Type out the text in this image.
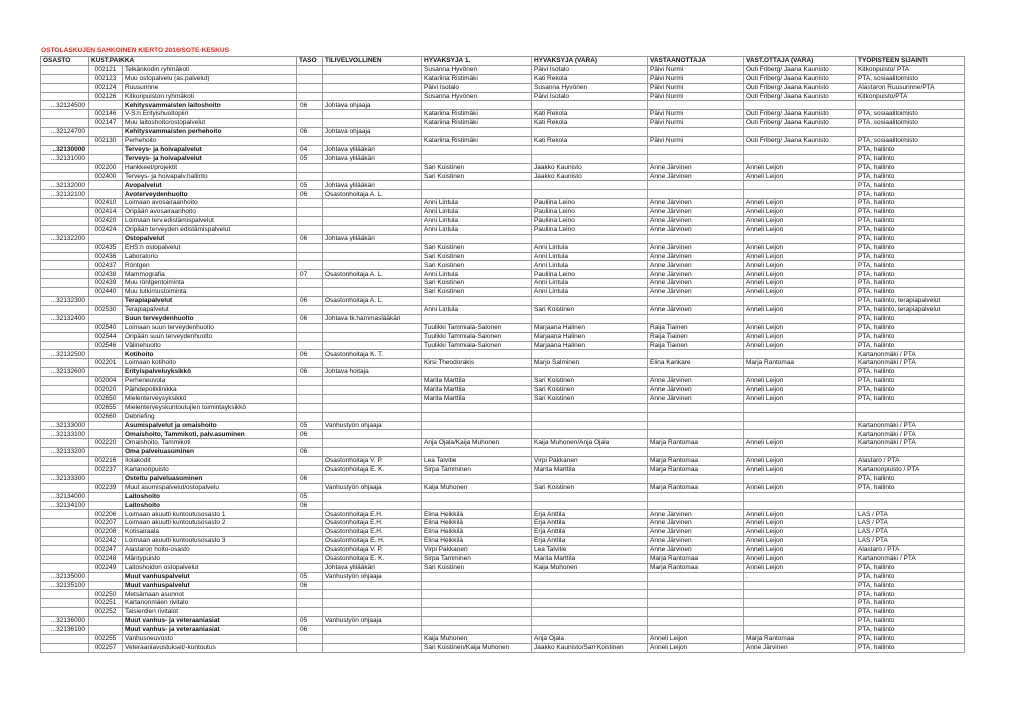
OSTOLASKUJEN SAHKOINEN KIERTO 2016/SOTE-KESKUS
OSASTO	KUST.PAIKKA		TASO	TILIVELVOLLINEN	HYVAKSYJA 1.	HYVAKSYJA (VARA)	VASTAANOTTAJA	VAST.OTTAJA (VARA)	TYÖPISTEEN SIJAINTI
	002121	Telkänkodin ryhmäkoti			Susanna Hyvönen	Päivi Isotalo	Päivi Nurmi	Outi Friberg/ Jaana Kaunisto	Kitkonpuisto/ PTA
	002123	Muu ostopalvelu (as.palvelut)			Katariina Ristimäki	Kati Rekola	Päivi Nurmi	Outi Friberg/ Jaana Kaunisto	PTA, sosiaalitoimisto
	002124	Ruusurinne			Päivi Isotalo	Susanna Hyvönen	Päivi Nurmi	Outi Friberg/ Jaana Kaunisto	Alastaron Ruusurinne/PTA
	002126	Kitkonpuiston ryhmäkoti			Susanna Hyvönen	Päivi Isotalo	Päivi Nurmi	Outi Friberg/ Jaana Kaunisto	Kitkonpuisto/PTA
...32124500		Kehitysvammaisten laitoshoito	06	Johtava ohjaaja					
	002146	V-S:n Erityishuoltopiiri			Katariina Ristimäki	Kati Rekola	Päivi Nurmi	Outi Friberg/ Jaana Kaunisto	PTA, sosiaalitoimisto
	002147	Muu laitoshoito/ostopalvelut			Katariina Ristimäki	Kati Rekola	Päivi Nurmi	Outi Friberg/ Jaana Kaunisto	PTA, sosiaalitoimisto
...32124700		Kehitysvammaisten perhehoito	06	Johtava ohjaaja					
	002130	Perhehoito			Katariina Ristimäki	Kati Rekola	Päivi Nurmi	Outi Friberg/ Jaana Kaunisto	PTA, sosiaalitoimisto
..32130000		Terveys- ja hoivapalvelut	04	Johtava ylilääkäri					PTA, hallinto
...32131000		Terveys- ja hoivapalvelut	05	Johtava ylilääkäri					PTA, hallinto
	002200	Hankkeet/projektit			Sari Koistinen	Jaakko Kaunisto	Anne Järvinen	Anneli Leijon	PTA, hallinto
	002400	Terveys- ja hoivapalv.hallinto			Sari Koistinen	Jaakko Kaunisto	Anne Järvinen	Anneli Leijon	PTA, hallinto
...32132000		Avopalvelut	05	Johtava ylilääkäri					PTA, hallinto
...32132100		Avoterveydenhuolto	06	Osastonhoitaja A. L.					PTA, hallinto
	002410	Loimaan avosairaanhoito			Anni Lintula	Pauliina Leino	Anne Järvinen	Anneli Leijon	PTA, hallinto
	002414	Oripään avosairaanhoito			Anni Lintula	Pauliina Leino	Anne Järvinen	Anneli Leijon	PTA, hallinto
	002420	Loimaan terv.edistämispalvelut			Anni Lintula	Pauliina Leino	Anne Järvinen	Anneli Leijon	PTA, hallinto
	002424	Oripään terveyden edistämispalvelut			Anni Lintula	Pauliina Leino	Anne Järvinen	Anneli Leijon	PTA, hallinto
...32132200		Ostopalvelut	06	Johtava ylilääkäri					PTA, hallinto
	002435	EHS:n ostopalvelut			Sari Koistinen	Anni Lintula	Anne Järvinen	Anneli Leijon	PTA, hallinto
	002436	Laboratorio			Sari Koistinen	Anni Lintula	Anne Järvinen	Anneli Leijon	PTA, hallinto
	002437	Röntgen			Sari Koistinen	Anni Lintula	Anne Järvinen	Anneli Leijon	PTA, hallinto
	002438	Mammografia	07	Osastonhoitaja A. L.	Anni Lintula	Pauliina Leino	Anne Järvinen	Anneli Leijon	PTA, hallinto
	002439	Muu röntgentoiminta			Sari Koistinen	Anni Lintula	Anne Järvinen	Anneli Leijon	PTA, hallinto
	002440	Muu tutkimustoiminta			Sari Koistinen	Anni Lintula	Anne Järvinen	Anneli Leijon	PTA, hallinto
...32132300		Terapiapalvelut	06	Osastonhoitaja A. L.					PTA, hallinto, terapiapalvelut
	002530	Terapiapalvelut			Anni Lintula	Sari Koistinen	Anne Järvinen	Anneli Leijon	PTA, hallinto, terapiapalvelut
...32132400		Suun terveydenhuolto	06	Johtava tk.hammaslääkäri					PTA, hallinto
	002540	Loimaan suun terveydenhuolto			Tuulikki Tammiala-Salonen	Marjaana Halinen	Raija Tiainen	Anneli Leijon	PTA, hallinto
	002544	Oripään suun terveydenhuolto			Tuulikki Tammiala-Salonen	Marjaana Halinen	Raija Tiainen	Anneli Leijon	PTA, hallinto
	002546	Välinehuolto			Tuulikki Tammiala-Salonen	Marjaana Halinen	Raija Tiainen	Anneli Leijon	PTA, hallinto
...32132500		Kotihoito	06	Osastonhoitaja K. T.					Kartanonmäki / PTA
	002201	Loimaan kotihoito			Kirsi Theodorakis	Marjo Salminen	Elina Kankare	Marja Rantomaa	Kartanonmäki / PTA
...32132600		Erityispalveluyksikkö	06	Johtava hoitaja					PTA, hallinto
	002004	Perheneuvola			Marita Marttila	Sari Koistinen	Anne Järvinen	Anneli Leijon	PTA, hallinto
	002020	Päihdepoliklinikka			Marita Marttila	Sari Koistinen	Anne Järvinen	Anneli Leijon	PTA, hallinto
	002650	Mielenterveysyksikkö			Marita Marttila	Sari Koistinen	Anne Järvinen	Anneli Leijon	PTA, hallinto
	002655	Mielenterveyskuntoutujien toimintayksikkö							
	002660	Debriefing							
...32133000		Asumispalvelut ja omaishoito	05	Vanhustyön ohjaaja					Kartanonmäki / PTA
...32133100		Omaishoito, Tammikoti, palv.asuminen	06						Kartanonmäki / PTA
	002220	Omaishoito, Tammikoti			Anja Ojala/Kaija Muhonen	Kaija Muhonen/Anja Ojala	Marja Rantomaa	Anneli Leijon	Kartanonmäki / PTA
...32133200		Oma palveluasuminen	06						
	002216	Ilolakodit		Osastonhoitaja V. P.	Lea Talvitie	Virpi Pakkanen	Marja Rantomaa	Anneli Leijon	Alastaro / PTA
	002237	Kartanonpuisto		Osastonhoitaja E. K.	Sirpa Tamminen	Marita Marttila	Marja Rantomaa	Anneli Leijon	Kartanonpuisto / PTA
...32133300		Ostettu palveluasuminen	06						PTA, hallinto
	002239	Muut asumispalvelut/ostopalvelu		Vanhustyön ohjaaja	Kaija Muhonen	Sari Koistinen	Marja Rantomaa	Anneli Leijon	PTA, hallinto
...32134000		Laitoshoito	05						
...32134100		Laitoshoito	06						
	002206	Loimaan akuutti kuntoutusosasto 1		Osastonhoitaja E.H.	Elina Heikkilä	Erja Anttila	Anne Järvinen	Anneli Leijon	LAS / PTA
	002207	Loimaan akuutti kuntoutusosasto 2		Osastonhoitaja E.H.	Elina Heikkilä	Erja Anttila	Anne Järvinen	Anneli Leijon	LAS / PTA
	002208	Kotisairaala		Osastonhoitaja E.H.	Elina Heikkilä	Erja Anttila	Anne Järvinen	Anneli Leijon	LAS / PTA
	002242	Loimaan akuutti kuntoutusosasto 3		Osastonhoitaja E. H.	Elina Heikkilä	Erja Anttila	Anne Järvinen	Anneli Leijon	LAS / PTA
	002247	Alastaron hoito-osasto		Osastonhoitaja V. P.	Virpi Pakkanen	Lea Talvitie	Anne Järvinen	Anneli Leijon	Alastaro / PTA
	002248	Mäntypuisto		Osastonhoitaja E. K.	Sirpa Tamminen	Marita Marttila	Marja Rantomaa	Anneli Leijon	Kartanonmäki / PTA
	002249	Laitoshoidon ostopalvelut		Johtava ylilääkäri	Sari Koistinen	Kaija Muhonen	Marja Rantomaa	Anneli Leijon	PTA, hallinto
...32135000		Muut vanhuspalvelut	05	Vanhustyön ohjaaja				.	PTA, hallinto
...32135100		Muut vanhuspalvelut	06						PTA, hallinto
	002250	Metsämaan asunnot							PTA, hallinto
	002251	Kartanonmäen rivitalo							PTA, hallinto
	002252	Taisientien rivitalot							PTA, hallinto
...32136000		Muut vanhus- ja veteraaniasiat	05	Vanhustyön ohjaaja					PTA, hallinto
...32136100		Muut vanhus- ja veteraaniasiat	06						PTA, hallinto
	002255	Vanhusneuvosto			Kaija Muhonen	Anja Ojala	Anneli Leijon	Marja Rantomaa	PTA, hallinto
	002257	Veteraaniavustukset/-kuntoutus			Sari Koistinen/Kaija Muhonen	Jaakko Kaunisto/Sari Koistinen	Anneli Leijon	Anne Järvinen	PTA, hallinto
